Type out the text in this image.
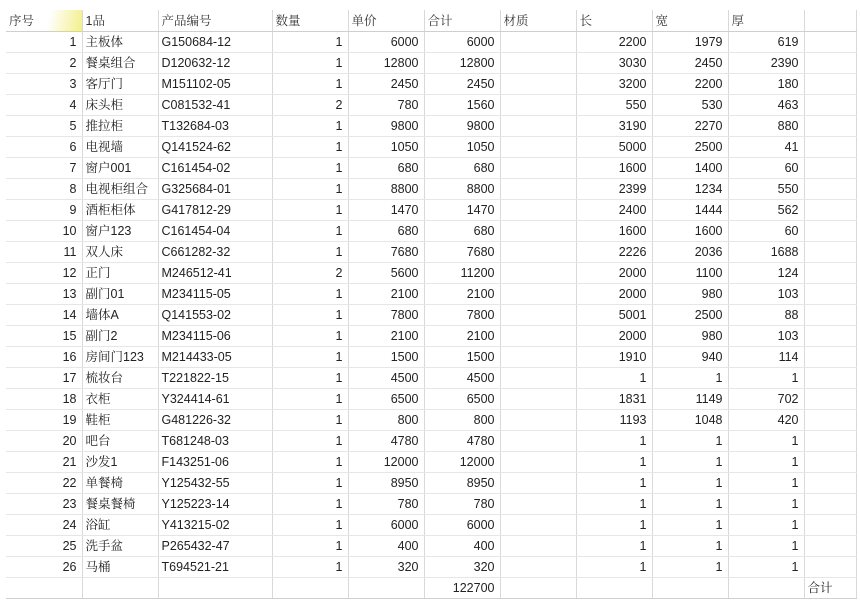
序号	1品	产品编号	数量	单价	合计	材质	长	宽	厚	
1	主板体	G150684-12	1	6000	6000		2200	1979	619	
2	餐桌组合	D120632-12	1	12800	12800		3030	2450	2390	
3	客厅门	M151102-05	1	2450	2450		3200	2200	180	
4	床头柜	C081532-41	2	780	1560		550	530	463	
5	推拉柜	T132684-03	1	9800	9800		3190	2270	880	
6	电视墙	Q141524-62	1	1050	1050		5000	2500	41	
7	窗户001	C161454-02	1	680	680		1600	1400	60	
8	电视柜组合	G325684-01	1	8800	8800		2399	1234	550	
9	酒柜柜体	G417812-29	1	1470	1470		2400	1444	562	
10	窗户123	C161454-04	1	680	680		1600	1600	60	
11	双人床	C661282-32	1	7680	7680		2226	2036	1688	
12	正门	M246512-41	2	5600	11200		2000	1100	124	
13	副门01	M234115-05	1	2100	2100		2000	980	103	
14	墙体A	Q141553-02	1	7800	7800		5001	2500	88	
15	副门2	M234115-06	1	2100	2100		2000	980	103	
16	房间门123	M214433-05	1	1500	1500		1910	940	114	
17	梳妆台	T221822-15	1	4500	4500		1	1	1	
18	衣柜	Y324414-61	1	6500	6500		1831	1149	702	
19	鞋柜	G481226-32	1	800	800		1193	1048	420	
20	吧台	T681248-03	1	4780	4780		1	1	1	
21	沙发1	F143251-06	1	12000	12000		1	1	1	
22	单餐椅	Y125432-55	1	8950	8950		1	1	1	
23	餐桌餐椅	Y125223-14	1	780	780		1	1	1	
24	浴缸	Y413215-02	1	6000	6000		1	1	1	
25	洗手盆	P265432-47	1	400	400		1	1	1	
26	马桶	T694521-21	1	320	320		1	1	1	
					122700					合计
